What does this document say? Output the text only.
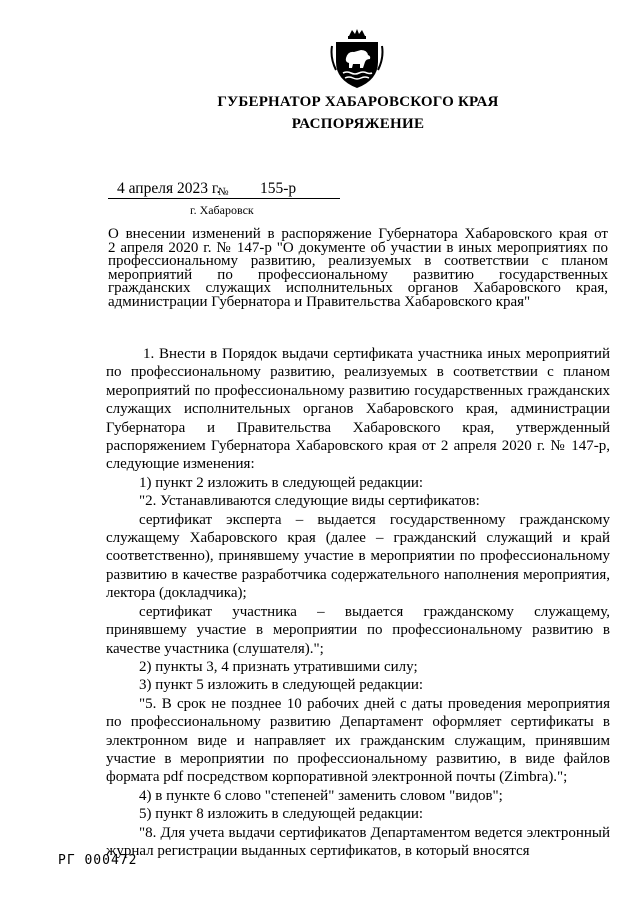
ГУБЕРНАТОР ХАБАРОВСКОГО КРАЯ
РАСПОРЯЖЕНИЕ
4 апреля 2023 г.
№ 155-р
г. Хабаровск
О внесении изменений в распоряжение Губернатора Хабаровского края от
2 апреля 2020 г. № 147-р "О документе об участии в иных мероприятиях по
профессиональному развитию, реализуемых в соответствии с планом
мероприятий по профессиональному развитию государственных
гражданских служащих исполнительных органов Хабаровского края,
администрации Губернатора и Правительства Хабаровского края"

1. Внести в Порядок выдачи сертификата участника иных мероприятий по профессиональному развитию, реализуемых в соответствии с планом мероприятий по профессиональному развитию государственных гражданских служащих исполнительных органов Хабаровского края, администрации Губернатора и Правительства Хабаровского края, утвержденный распоряжением Губернатора Хабаровского края от 2 апреля 2020 г. № 147-р, следующие изменения:

1) пункт 2 изложить в следующей редакции:

"2. Устанавливаются следующие виды сертификатов:

сертификат эксперта – выдается государственному гражданскому служащему Хабаровского края (далее – гражданский служащий и край соответственно), принявшему участие в мероприятии по профессиональному развитию в качестве разработчика содержательного наполнения мероприятия, лектора (докладчика);

сертификат участника – выдается гражданскому служащему, принявшему участие в мероприятии по профессиональному развитию в качестве участника (слушателя).";

2) пункты 3, 4 признать утратившими силу;

3) пункт 5 изложить в следующей редакции:

"5. В срок не позднее 10 рабочих дней с даты проведения мероприятия по профессиональному развитию Департамент оформляет сертификаты в электронном виде и направляет их гражданским служащим, принявшим участие в мероприятии по профессиональному развитию, в виде файлов формата pdf посредством корпоративной электронной почты (Zimbra).";

4) в пункте 6 слово "степеней" заменить словом "видов";

5) пункт 8 изложить в следующей редакции:

"8. Для учета выдачи сертификатов Департаментом ведется электронный журнал регистрации выданных сертификатов, в который вносятся

РГ 000472
